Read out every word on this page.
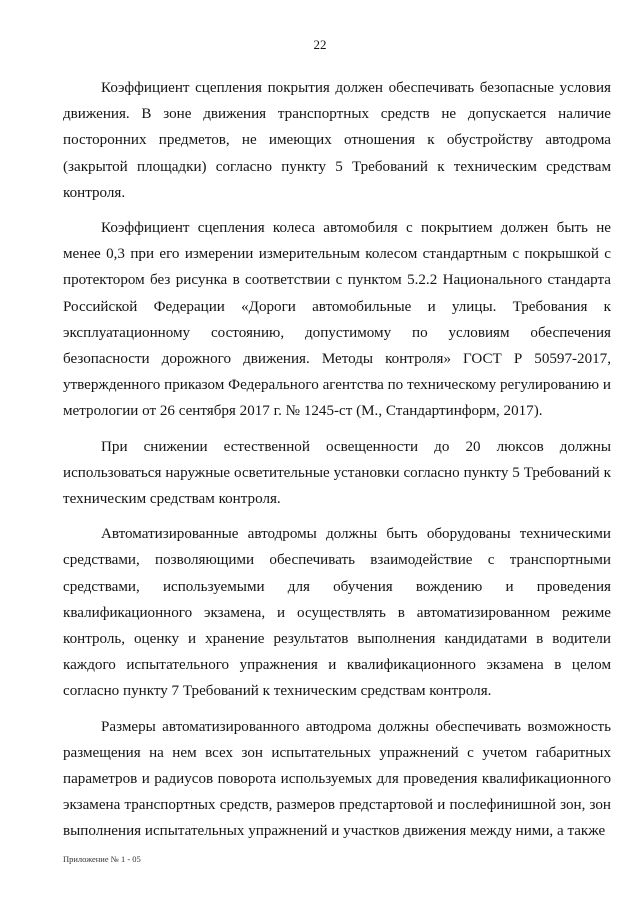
22

Коэффициент сцепления покрытия должен обеспечивать безопасные условия движения. В зоне движения транспортных средств не допускается наличие посторонних предметов, не имеющих отношения к обустройству автодрома (закрытой площадки) согласно пункту 5 Требований к техническим средствам контроля.

Коэффициент сцепления колеса автомобиля с покрытием должен быть не менее 0,3 при его измерении измерительным колесом стандартным с покрышкой с протектором без рисунка в соответствии с пунктом 5.2.2 Национального стандарта Российской Федерации «Дороги автомобильные и улицы. Требования к эксплуатационному состоянию, допустимому по условиям обеспечения безопасности дорожного движения. Методы контроля» ГОСТ Р 50597-2017, утвержденного приказом Федерального агентства по техническому регулированию и метрологии от 26 сентября 2017 г. № 1245-ст (М., Стандартинформ, 2017).

При снижении естественной освещенности до 20 люксов должны использоваться наружные осветительные установки согласно пункту 5 Требований к техническим средствам контроля.

Автоматизированные автодромы должны быть оборудованы техническими средствами, позволяющими обеспечивать взаимодействие с транспортными средствами, используемыми для обучения вождению и проведения квалификационного экзамена, и осуществлять в автоматизированном режиме контроль, оценку и хранение результатов выполнения кандидатами в водители каждого испытательного упражнения и квалификационного экзамена в целом согласно пункту 7 Требований к техническим средствам контроля.

Размеры автоматизированного автодрома должны обеспечивать возможность размещения на нем всех зон испытательных упражнений с учетом габаритных параметров и радиусов поворота используемых для проведения квалификационного экзамена транспортных средств, размеров предстартовой и послефинишной зон, зон выполнения испытательных упражнений и участков движения между ними, а также

Приложение № 1 - 05
